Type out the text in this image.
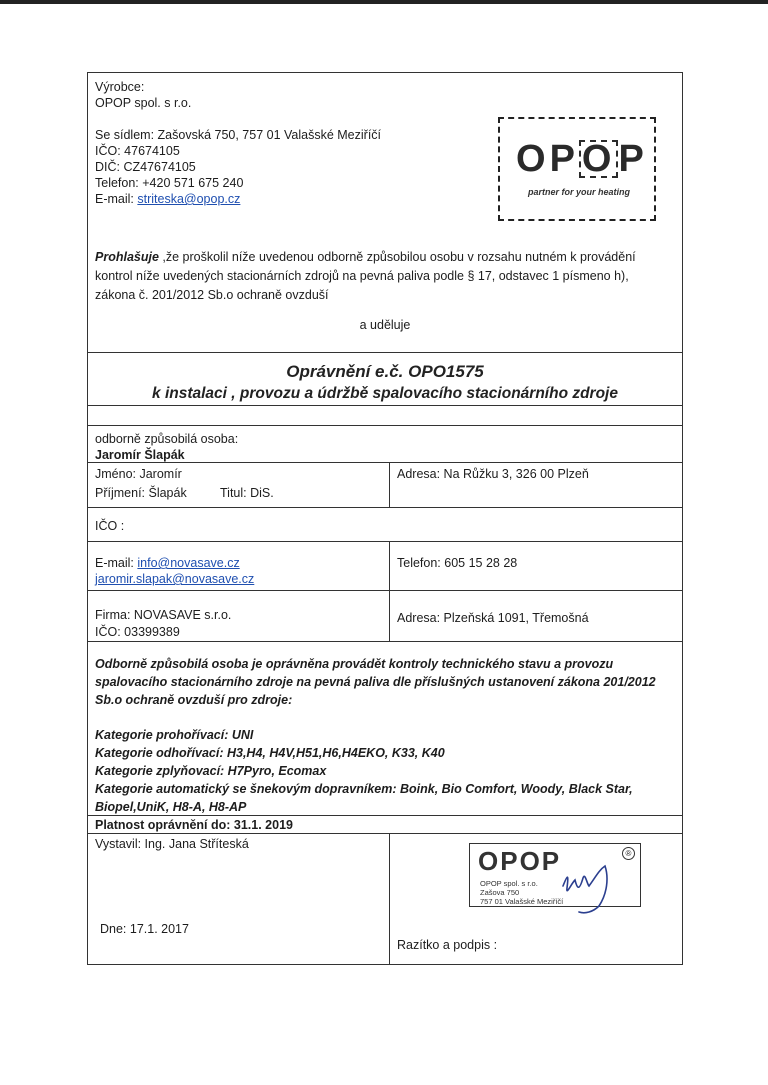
Výrobce:
OPOP spol. s r.o.
Se sídlem: Zašovská 750, 757 01 Valašské Meziříčí
IČO: 47674105
DIČ: CZ47674105
Telefon: +420 571 675 240
E-mail: striteska@opop.cz
OPOP
partner for your heating
Prohlašuje ,že proškolil níže uvedenou odborně způsobilou osobu v rozsahu nutném k provádění
kontrol níže uvedených stacionárních zdrojů na pevná paliva podle § 17, odstavec 1 písmeno h),
zákona č. 201/2012 Sb.o ochraně ovzduší
a uděluje
Oprávnění e.č. OPO1575
k instalaci , provozu a údržbě spalovacího stacionárního zdroje
odborně způsobilá osoba:
Jaromír Šlapák
Jméno: Jaromír
Příjmení: Šlapák	Titul: DiS.
Adresa: Na Růžku 3, 326 00 Plzeň
IČO :
E-mail: info@novasave.cz
jaromir.slapak@novasave.cz
Telefon: 605 15 28 28
Firma: NOVASAVE s.r.o.
IČO: 03399389
Adresa: Plzeňská 1091, Třemošná
Odborně způsobilá osoba je oprávněna provádět kontroly technického stavu a provozu
spalovacího stacionárního zdroje na pevná paliva dle příslušných ustanovení zákona 201/2012
Sb.o ochraně ovzduší pro zdroje:
Kategorie prohořívací: UNI
Kategorie odhořívací: H3,H4, H4V,H51,H6,H4EKO, K33, K40
Kategorie zplyňovací: H7Pyro, Ecomax
Kategorie automatický se šnekovým dopravníkem: Boink, Bio Comfort, Woody, Black Star,
Biopel,UniK, H8-A, H8-AP
Platnost oprávnění do: 31.1. 2019
Vystavil: Ing. Jana Stříteská
Dne: 17.1. 2017
Razítko a podpis :
OPOP	®
OPOP spol. s r.o.
Zašova 750
757 01 Valašské Meziříčí
